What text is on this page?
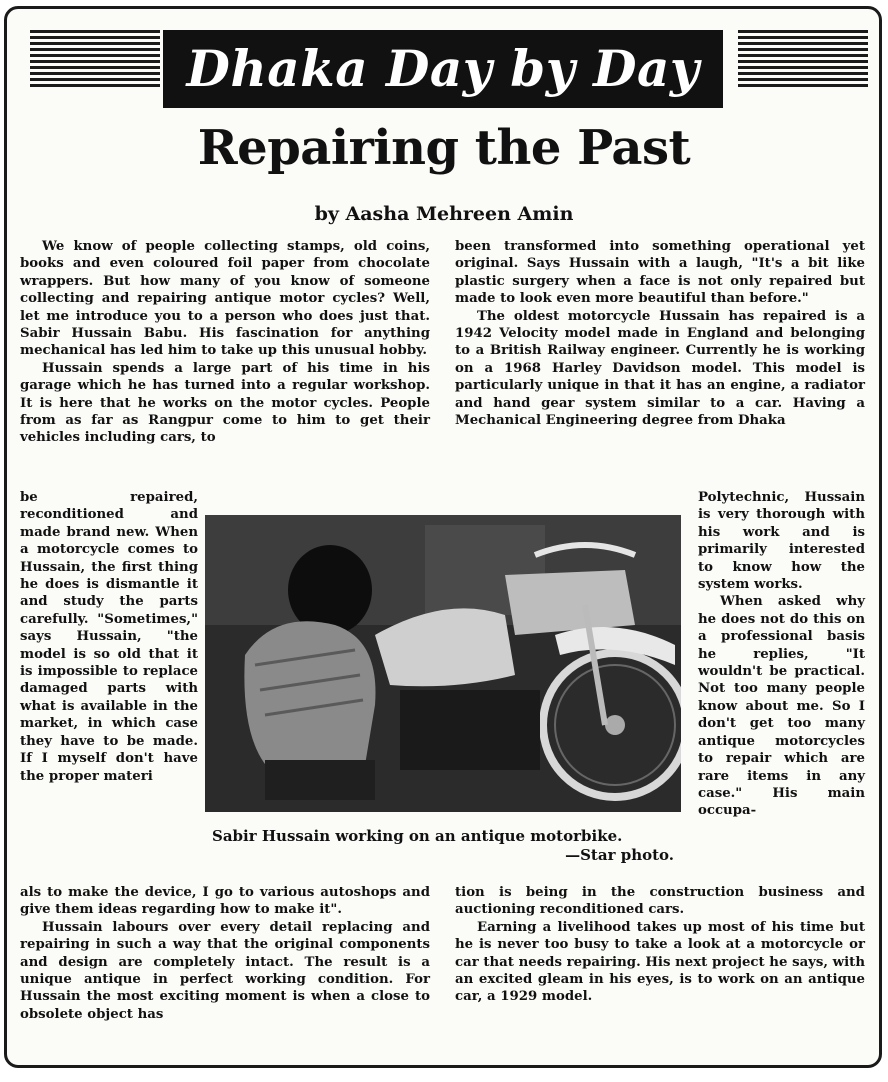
Dhaka Day by Day
Repairing the Past
by Aasha Mehreen Amin

We know of people collecting stamps, old coins, books and even coloured foil paper from chocolate wrappers. But how many of you know of someone collecting and repairing antique motor cycles? Well, let me introduce you to a person who does just that. Sabir Hussain Babu. His fascination for anything mechanical has led him to take up this unusual hobby.

Hussain spends a large part of his time in his garage which he has turned into a regular workshop. It is here that he works on the motor cycles. People from as far as Rangpur come to him to get their vehicles including cars, to

be repaired, reconditioned and made brand new. When a motorcycle comes to Hussain, the first thing he does is dismantle it and study the parts carefully. "Sometimes," says Hussain, "the model is so old that it is impossible to replace damaged parts with what is available in the market, in which case they have to be made. If I myself don't have the proper materi

als to make the device, I go to various autoshops and give them ideas regarding how to make it".

Hussain labours over every detail replacing and repairing in such a way that the original components and design are completely intact. The result is a unique antique in perfect working condition. For Hussain the most exciting moment is when a close to obsolete object has

been transformed into something operational yet original. Says Hussain with a laugh, "It's a bit like plastic surgery when a face is not only repaired but made to look even more beautiful than before."

The oldest motorcycle Hussain has repaired is a 1942 Velocity model made in England and belonging to a British Railway engineer. Currently he is working on a 1968 Harley Davidson model. This model is particularly unique in that it has an engine, a radiator and hand gear system similar to a car. Having a Mechanical Engineering degree from Dhaka

Polytechnic, Hussain is very thorough with his work and is primarily interested to know how the system works.

When asked why he does not do this on a professional basis he replies, "It wouldn't be practical. Not too many people know about me. So I don't get too many antique motorcycles to repair which are rare items in any case." His main occupa-

tion is being in the construction business and auctioning reconditioned cars.

Earning a livelihood takes up most of his time but he is never too busy to take a look at a motorcycle or car that needs repairing. His next project he says, with an excited gleam in his eyes, is to work on an antique car, a 1929 model.

Sabir Hussain working on an antique motorbike.
—Star photo.
